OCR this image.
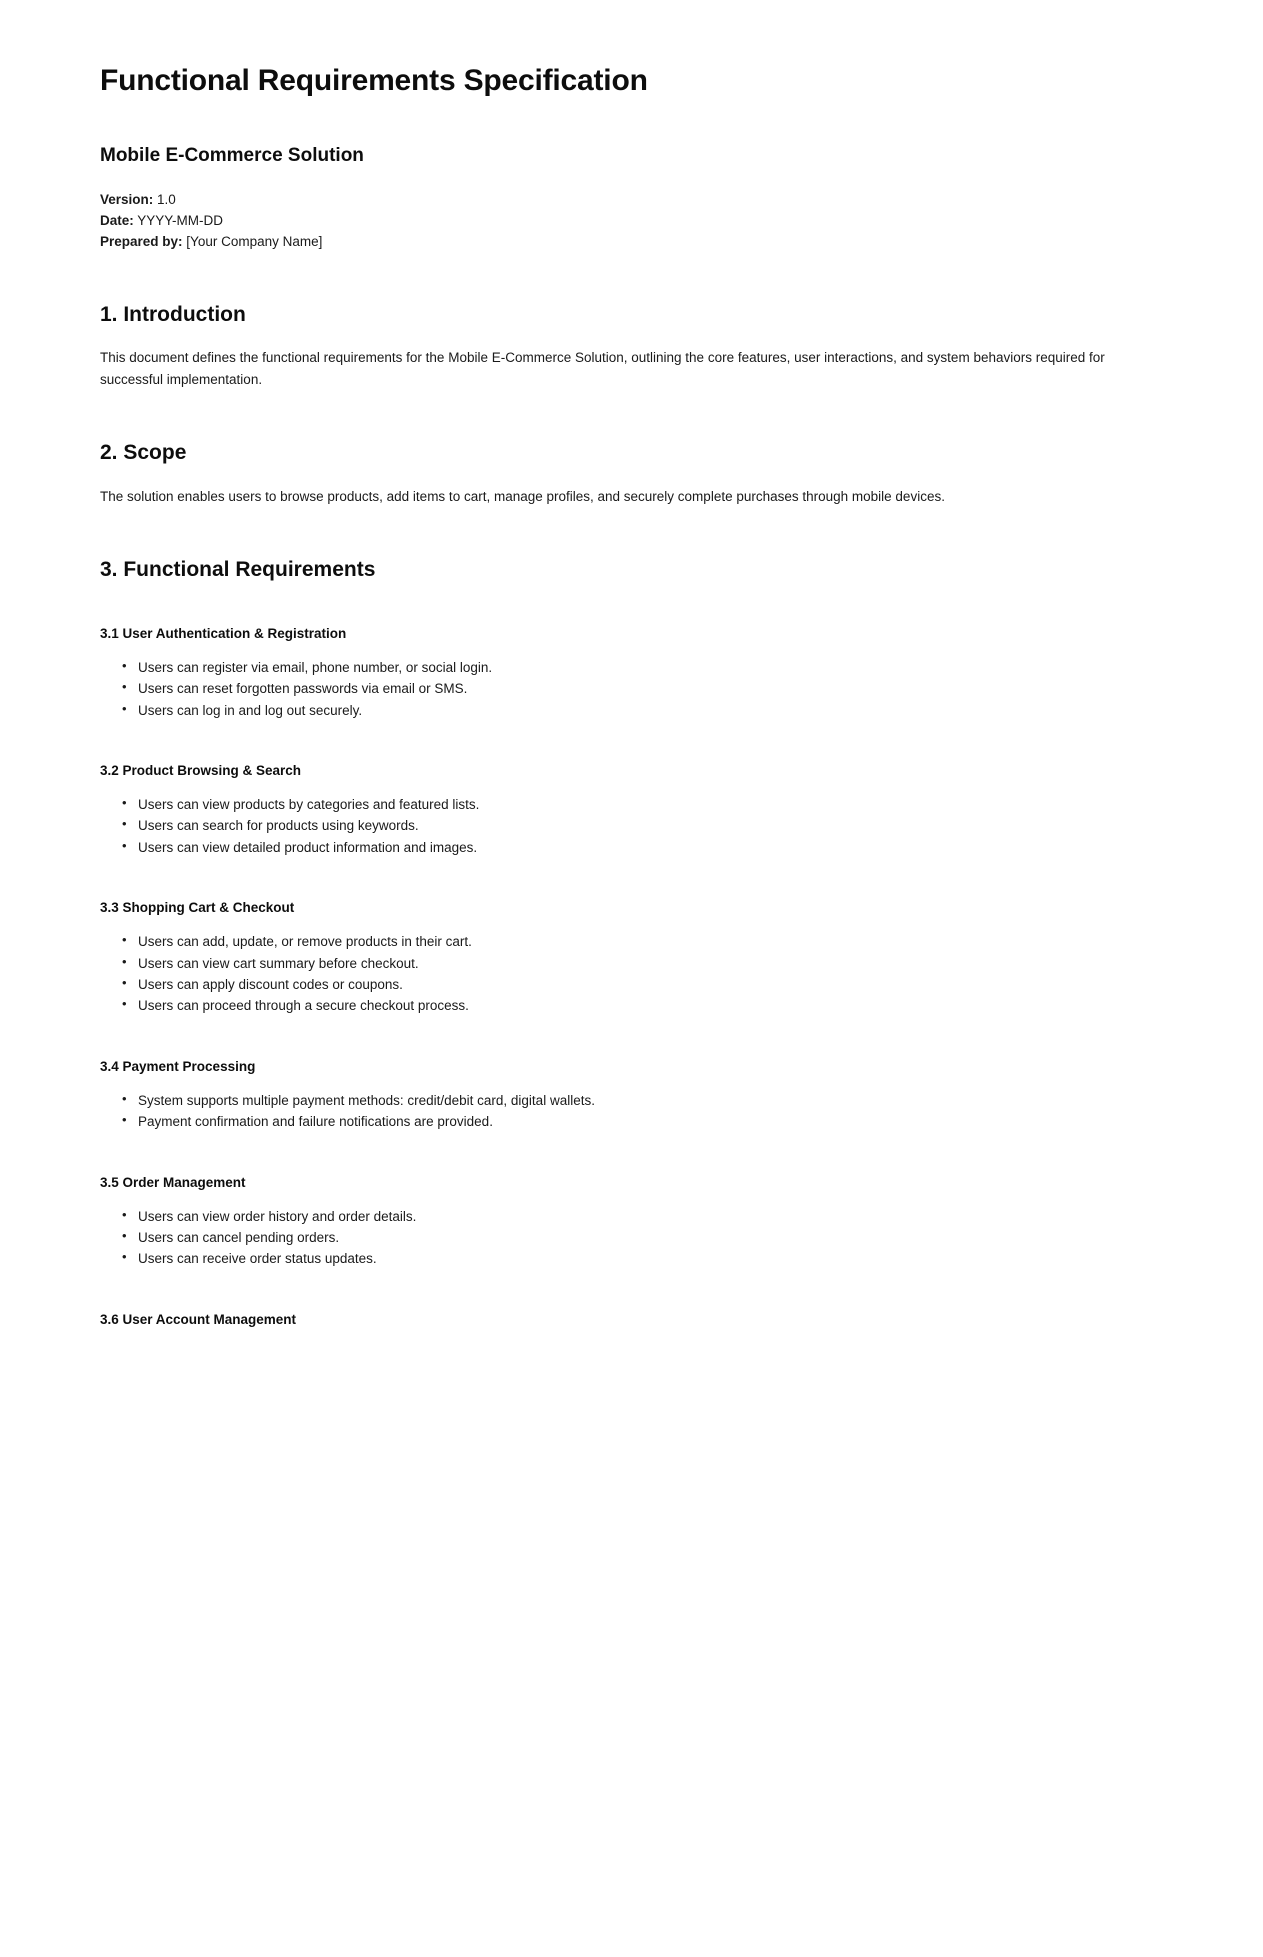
Functional Requirements Specification
Mobile E-Commerce Solution

Version: 1.0

Date: YYYY-MM-DD

Prepared by: [Your Company Name]

1. Introduction

This document defines the functional requirements for the Mobile E-Commerce Solution, outlining the core features, user interactions, and system behaviors required for successful implementation.

2. Scope

The solution enables users to browse products, add items to cart, manage profiles, and securely complete purchases through mobile devices.

3. Functional Requirements
3.1 User Authentication & Registration
• Users can register via email, phone number, or social login.
• Users can reset forgotten passwords via email or SMS.
• Users can log in and log out securely.
3.2 Product Browsing & Search
• Users can view products by categories and featured lists.
• Users can search for products using keywords.
• Users can view detailed product information and images.
3.3 Shopping Cart & Checkout
• Users can add, update, or remove products in their cart.
• Users can view cart summary before checkout.
• Users can apply discount codes or coupons.
• Users can proceed through a secure checkout process.
3.4 Payment Processing
• System supports multiple payment methods: credit/debit card, digital wallets.
• Payment confirmation and failure notifications are provided.
3.5 Order Management
• Users can view order history and order details.
• Users can cancel pending orders.
• Users can receive order status updates.
3.6 User Account Management
